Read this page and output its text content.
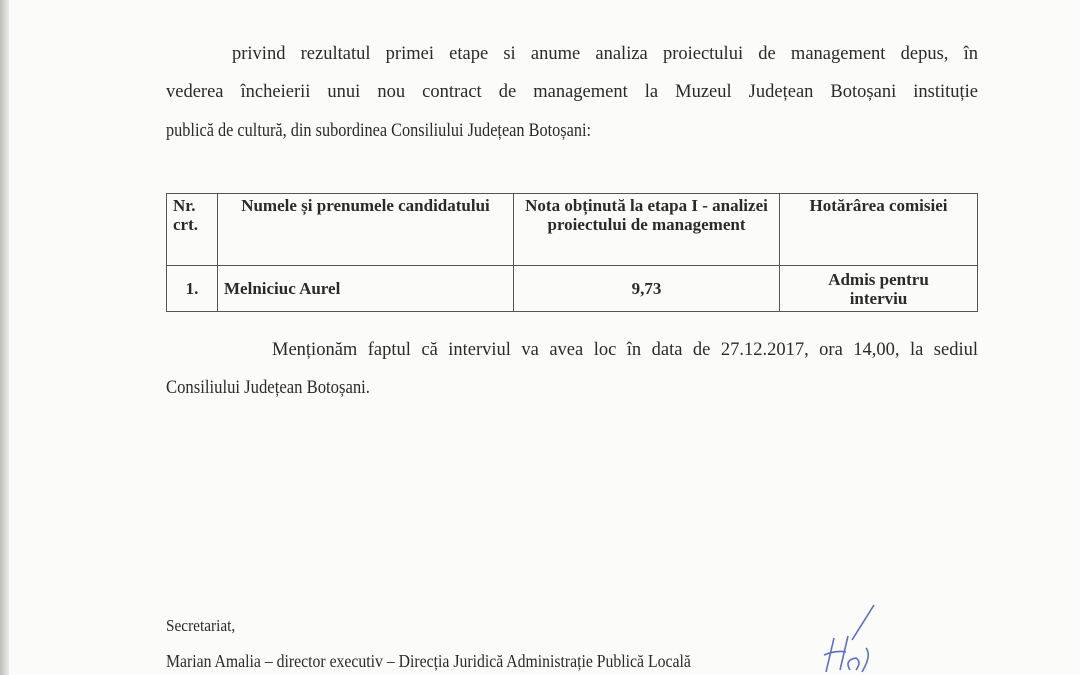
privind rezultatul primei etape si anume analiza proiectului de management depus, în
vederea încheierii unui nou contract de management la Muzeul Județean Botoșani instituție
publică de cultură, din subordinea Consiliului Județean Botoșani:
Nr. crt.	Numele și prenumele candidatului	Nota obținută la etapa I - analizei proiectului de management	Hotărârea comisiei
1.	Melniciuc Aurel	9,73	Admis pentru interviu
Menționăm faptul că interviul va avea loc în data de 27.12.2017, ora 14,00, la sediul
Consiliului Județean Botoșani.
Secretariat,
Marian Amalia – director executiv – Direcția Juridică Administrație Publică Locală
